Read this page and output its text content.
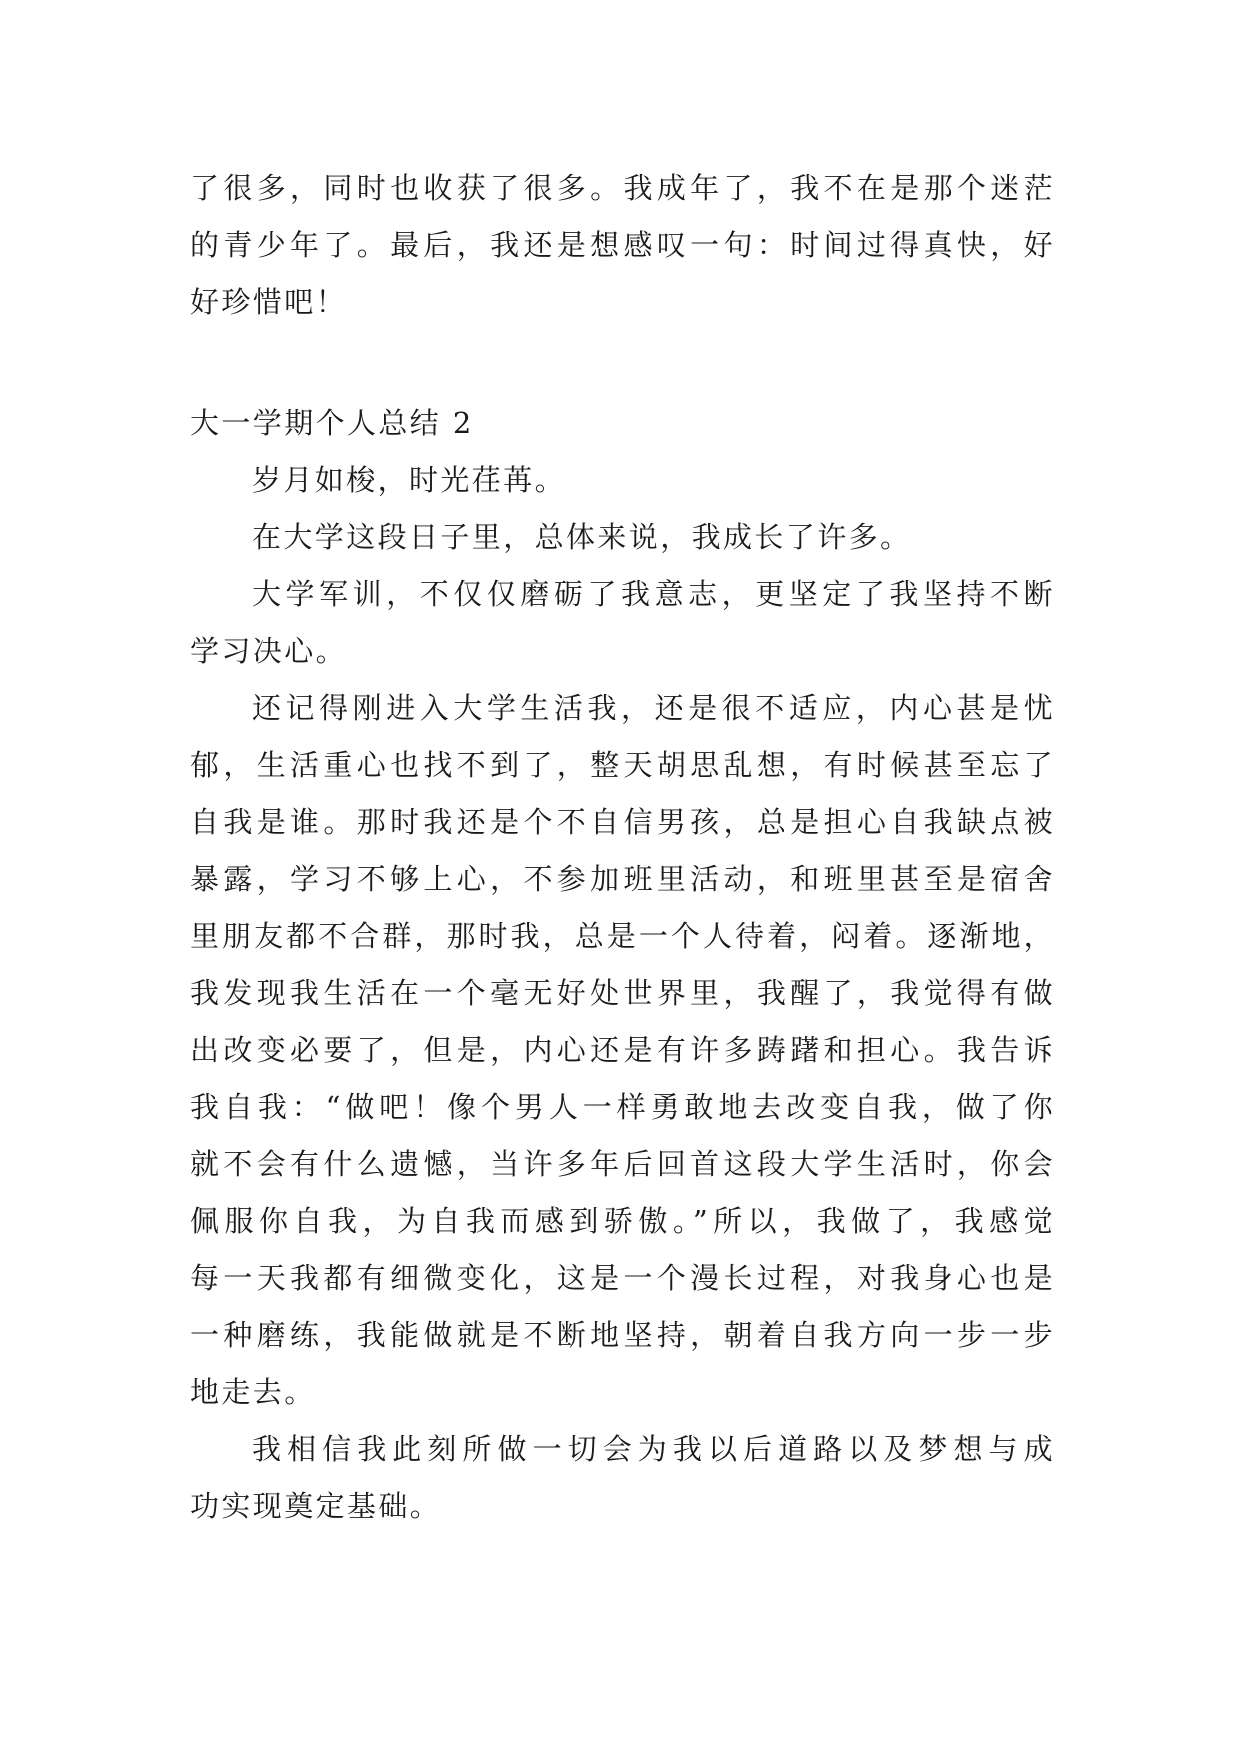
了很多，同时也收获了很多。我成年了，我不在是那个迷茫
的青少年了。最后，我还是想感叹一句：时间过得真快，好
好珍惜吧！
大一学期个人总结 2
岁月如梭，时光荏苒。
在大学这段日子里，总体来说，我成长了许多。
大学军训，不仅仅磨砺了我意志，更坚定了我坚持不断
学习决心。
还记得刚进入大学生活我，还是很不适应，内心甚是忧
郁，生活重心也找不到了，整天胡思乱想，有时候甚至忘了
自我是谁。那时我还是个不自信男孩，总是担心自我缺点被
暴露，学习不够上心，不参加班里活动，和班里甚至是宿舍
里朋友都不合群，那时我，总是一个人待着，闷着。逐渐地，
我发现我生活在一个毫无好处世界里，我醒了，我觉得有做
出改变必要了，但是，内心还是有许多踌躇和担心。我告诉
我自我：“做吧！像个男人一样勇敢地去改变自我，做了你
就不会有什么遗憾，当许多年后回首这段大学生活时，你会
佩服你自我，为自我而感到骄傲。”所以，我做了，我感觉
每一天我都有细微变化，这是一个漫长过程，对我身心也是
一种磨练，我能做就是不断地坚持，朝着自我方向一步一步
地走去。
我相信我此刻所做一切会为我以后道路以及梦想与成
功实现奠定基础。
